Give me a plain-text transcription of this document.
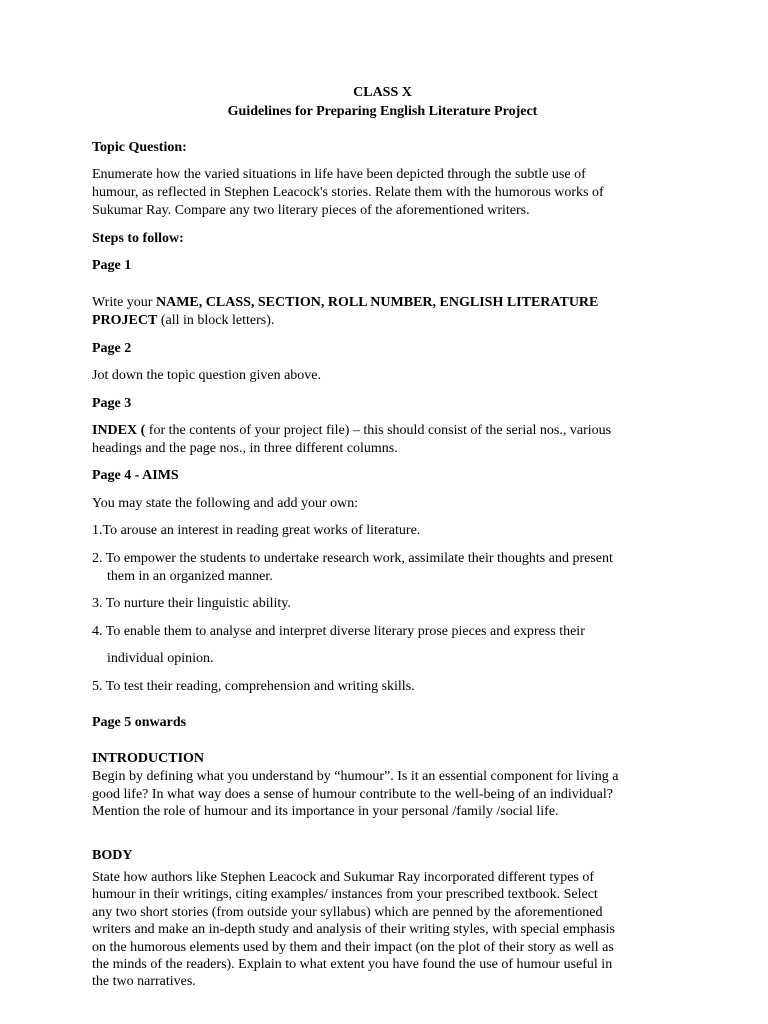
CLASS X
Guidelines for Preparing English Literature Project
Topic Question:
Enumerate how the varied situations in life have been depicted through the subtle use of
humour, as reflected in Stephen Leacock's stories. Relate them with the humorous works of
Sukumar Ray. Compare any two literary pieces of the aforementioned writers.
Steps to follow:
Page 1
Write your NAME, CLASS, SECTION, ROLL NUMBER, ENGLISH LITERATURE
PROJECT (all in block letters).
Page 2
Jot down the topic question given above.
Page 3
INDEX ( for the contents of your project file) – this should consist of the serial nos., various
headings and the page nos., in three different columns.
Page 4 - AIMS
You may state the following and add your own:
1.To arouse an interest in reading great works of literature.
2. To empower the students to undertake research work, assimilate their thoughts and present
them in an organized manner.
3. To nurture their linguistic ability.
4. To enable them to analyse and interpret diverse literary prose pieces and express their
individual opinion.
5. To test their reading, comprehension and writing skills.
Page 5 onwards
INTRODUCTION
Begin by defining what you understand by “humour”. Is it an essential component for living a
good life? In what way does a sense of humour contribute to the well-being of an individual?
Mention the role of humour and its importance in your personal /family /social life.
BODY
State how authors like Stephen Leacock and Sukumar Ray incorporated different types of
humour in their writings, citing examples/ instances from your prescribed textbook. Select
any two short stories (from outside your syllabus) which are penned by the aforementioned
writers and make an in-depth study and analysis of their writing styles, with special emphasis
on the humorous elements used by them and their impact (on the plot of their story as well as
the minds of the readers). Explain to what extent you have found the use of humour useful in
the two narratives.
